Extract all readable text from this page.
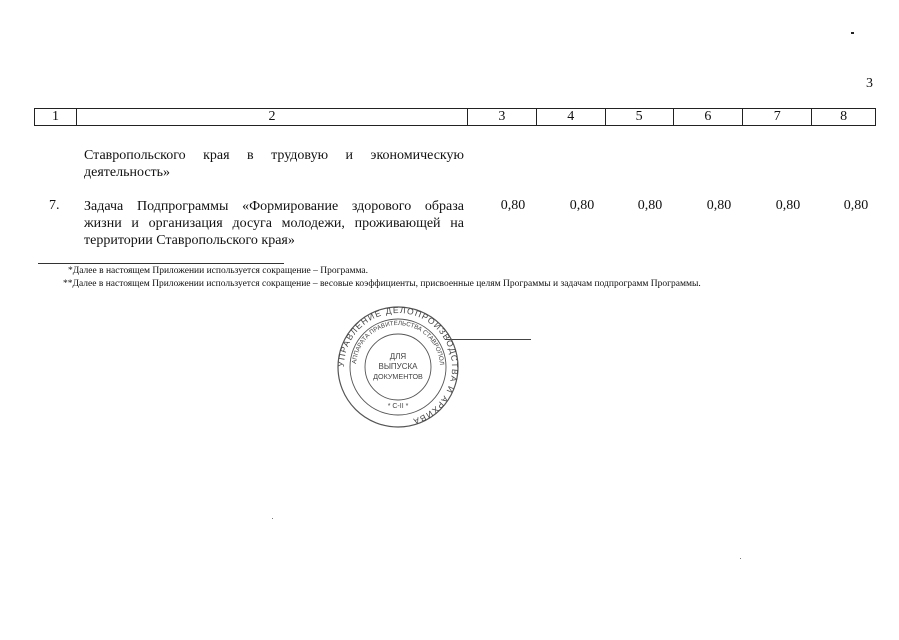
3
1	2	3	4	5	6	7	8
Ставропольского края в трудовую и экономическую деятельность»
7. Задача Подпрограммы «Формирование здорового образа жизни и организация досуга молодежи, проживающей на территории Ставропольского края»
0,80	0,80	0,80	0,80	0,80	0,80
*Далее в настоящем Приложении используется сокращение – Программа.
**Далее в настоящем Приложении используется сокращение – весовые коэффициенты, присвоенные целям Программы и задачам подпрограмм Программы.
УПРАВЛЕНИЕ ДЕЛОПРОИЗВОДСТВА И АРХИВА
АППАРАТА ПРАВИТЕЛЬСТВА СТАВРОПОЛ
ДЛЯ
ВЫПУСКА
ДОКУМЕНТОВ
* С-II *
